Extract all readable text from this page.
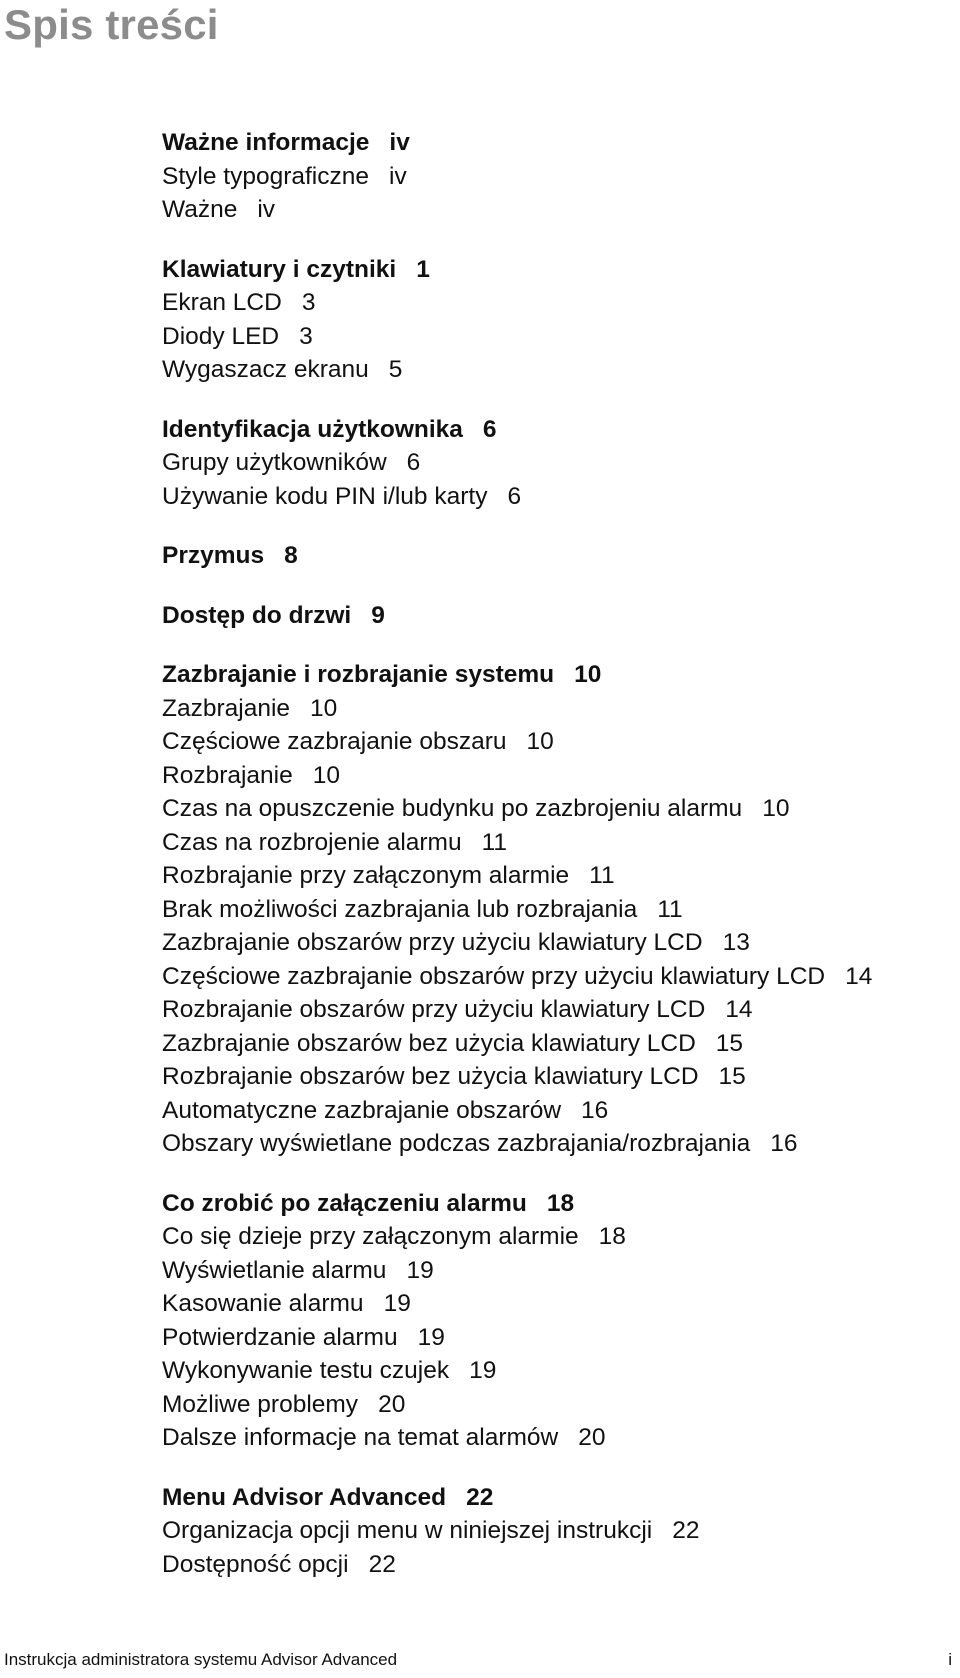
Spis treści
Ważne informacje iv
Style typograficzne iv
Ważne iv
Klawiatury i czytniki 1
Ekran LCD 3
Diody LED 3
Wygaszacz ekranu 5
Identyfikacja użytkownika 6
Grupy użytkowników 6
Używanie kodu PIN i/lub karty 6
Przymus 8
Dostęp do drzwi 9
Zazbrajanie i rozbrajanie systemu 10
Zazbrajanie 10
Częściowe zazbrajanie obszaru 10
Rozbrajanie 10
Czas na opuszczenie budynku po zazbrojeniu alarmu 10
Czas na rozbrojenie alarmu 11
Rozbrajanie przy załączonym alarmie 11
Brak możliwości zazbrajania lub rozbrajania 11
Zazbrajanie obszarów przy użyciu klawiatury LCD 13
Częściowe zazbrajanie obszarów przy użyciu klawiatury LCD 14
Rozbrajanie obszarów przy użyciu klawiatury LCD 14
Zazbrajanie obszarów bez użycia klawiatury LCD 15
Rozbrajanie obszarów bez użycia klawiatury LCD 15
Automatyczne zazbrajanie obszarów 16
Obszary wyświetlane podczas zazbrajania/rozbrajania 16
Co zrobić po załączeniu alarmu 18
Co się dzieje przy załączonym alarmie 18
Wyświetlanie alarmu 19
Kasowanie alarmu 19
Potwierdzanie alarmu 19
Wykonywanie testu czujek 19
Możliwe problemy 20
Dalsze informacje na temat alarmów 20
Menu Advisor Advanced 22
Organizacja opcji menu w niniejszej instrukcji 22
Dostępność opcji 22
Instrukcja administratora systemu Advisor Advanced	i
